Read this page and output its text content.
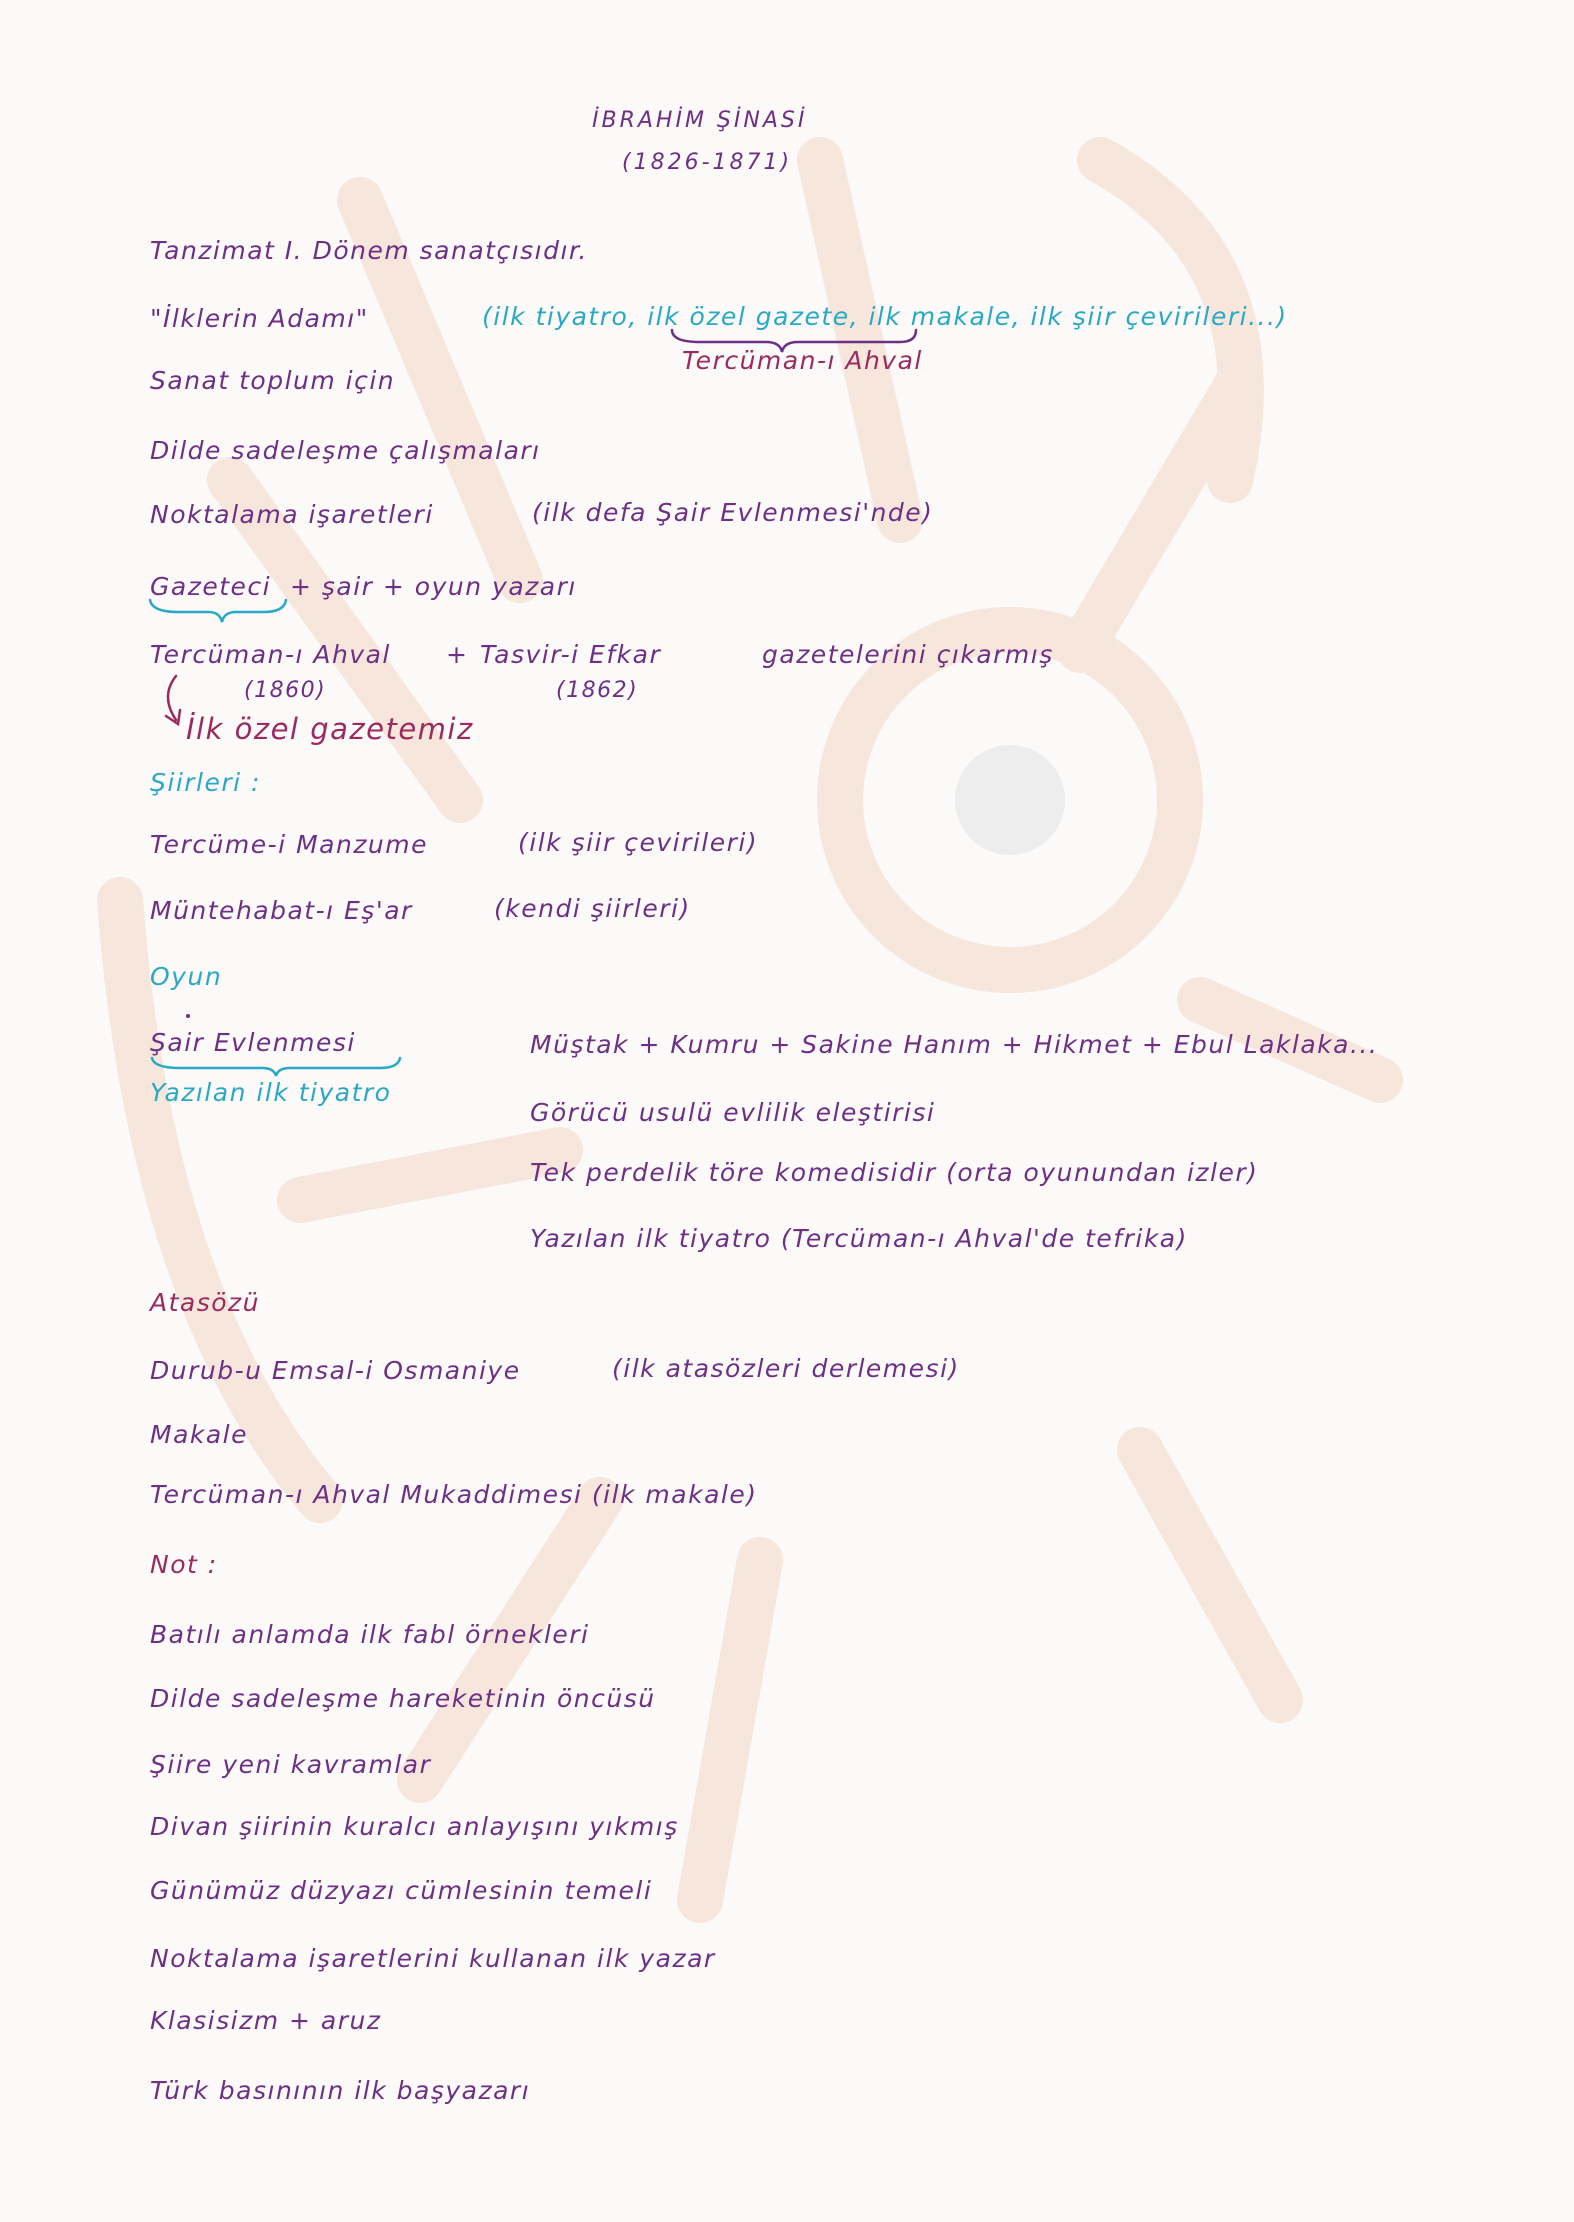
İBRAHİM ŞİNASİ
(1826-1871)
Tanzimat I. Dönem sanatçısıdır.
"İlklerin Adamı"	(ilk tiyatro, ilk özel gazete, ilk makale, ilk şiir çevirileri...)
Tercüman-ı Ahval
Sanat toplum için
Dilde sadeleşme çalışmaları
Noktalama işaretleri	(ilk defa Şair Evlenmesi'nde)
Gazeteci + şair + oyun yazarı
Tercüman-ı Ahval + Tasvir-i Efkar	gazetelerini çıkarmış
(1860)	(1862)
İlk özel gazetemiz
Şiirleri :
Tercüme-i Manzume	(ilk şiir çevirileri)
Müntehabat-ı Eş'ar	(kendi şiirleri)
Oyun
Şair Evlenmesi	Müştak + Kumru + Sakine Hanım + Hikmet + Ebul Laklaka...
Yazılan ilk tiyatro
Görücü usulü evlilik eleştirisi
Tek perdelik töre komedisidir (orta oyunundan izler)
Yazılan ilk tiyatro (Tercüman-ı Ahval'de tefrika)
Atasözü
Durub-u Emsal-i Osmaniye	(ilk atasözleri derlemesi)
Makale
Tercüman-ı Ahval Mukaddimesi (ilk makale)
Not :
Batılı anlamda ilk fabl örnekleri
Dilde sadeleşme hareketinin öncüsü
Şiire yeni kavramlar
Divan şiirinin kuralcı anlayışını yıkmış
Günümüz düzyazı cümlesinin temeli
Noktalama işaretlerini kullanan ilk yazar
Klasisizm + aruz
Türk basınının ilk başyazarı
